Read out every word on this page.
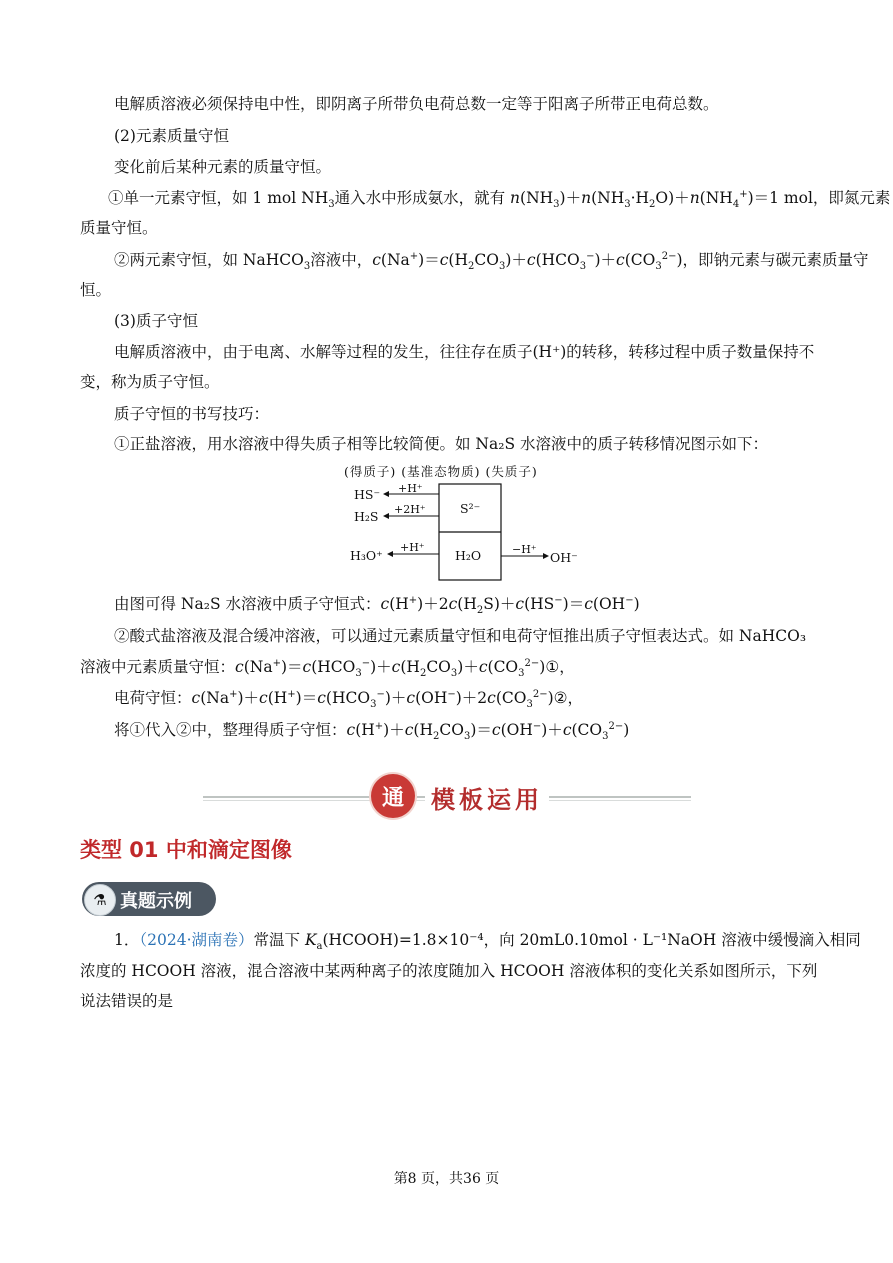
电解质溶液必须保持电中性，即阴离子所带负电荷总数一定等于阳离子所带正电荷总数。
(2)元素质量守恒
变化前后某种元素的质量守恒。
①单一元素守恒，如 1 mol $NH_3$通入水中形成氨水，就有 $n(NH_3)+n(NH_3\cdot H_2O)+n(NH_4^+)=1$ mol，即氮元素
质量守恒。
②两元素守恒，如 NaHCO$_3$溶液中，$c(Na^+)=c(H_2CO_3)+c(HCO_3^-)+c(CO_3^{2-})$，即钠元素与碳元素质量守
恒。
(3)质子守恒
电解质溶液中，由于电离、水解等过程的发生，往往存在质子(H⁺)的转移，转移过程中质子数量保持不
变，称为质子守恒。
质子守恒的书写技巧：
①正盐溶液，用水溶液中得失质子相等比较简便。如 Na₂S 水溶液中的质子转移情况图示如下：
(得质子) (基准态物质) (失质子)
HS⁻ +H⁺
H₂S +2H⁺
H₃O⁺
+H⁺
S²⁻
H₂O	−H⁺
OH⁻
由图可得 Na₂S 水溶液中质子守恒式：$c(H^+)+2c(H_2S)+c(HS^-)=c(OH^-)$
②酸式盐溶液及混合缓冲溶液，可以通过元素质量守恒和电荷守恒推出质子守恒表达式。如 NaHCO₃
溶液中元素质量守恒：$c(Na^+)=c(HCO_3^-)+c(H_2CO_3)+c(CO_3^{2-})①$，
电荷守恒：$c(Na^+)+c(H^+)=c(HCO_3^-)+c(OH^-)+2c(CO_3^{2-})②$，
将①代入②中，整理得质子守恒：$c(H^+)+c(H_2CO_3)=c(OH^-)+c(CO_3^{2-})$
通	模板运用
类型 01 中和滴定图像
⚗ 真题示例
1．（2024·湖南卷）常温下 $K_a(HCOOH)=1.8\times 10^{-4}$，向 20mL0.10mol · L⁻¹NaOH 溶液中缓慢滴入相同
浓度的 HCOOH 溶液，混合溶液中某两种离子的浓度随加入 HCOOH 溶液体积的变化关系如图所示，下列
说法错误的是
第8 页，共36 页
